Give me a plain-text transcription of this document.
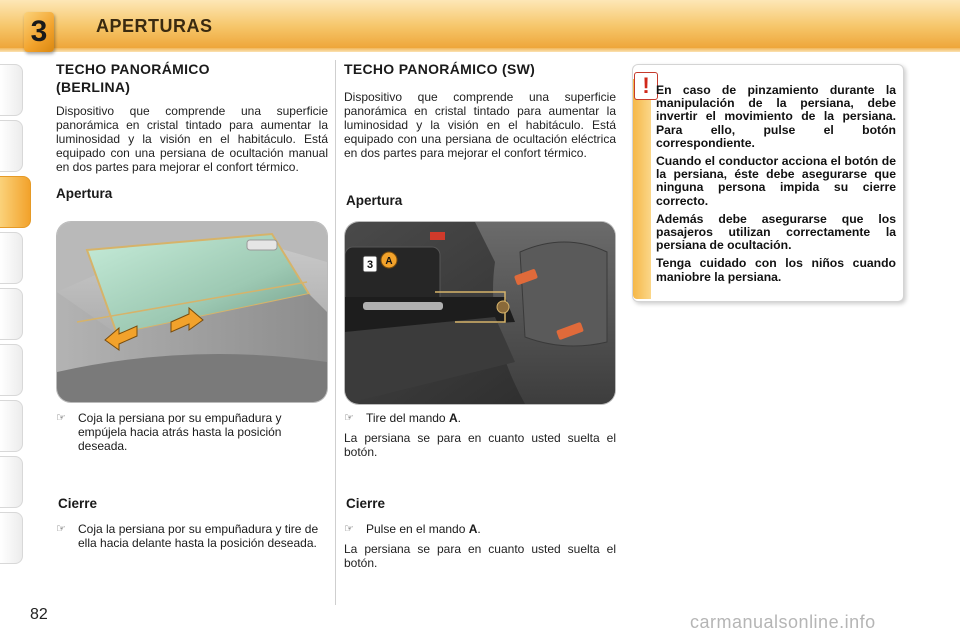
3	APERTURAS
TECHO PANORÁMICO
(BERLINA)

Dispositivo que comprende una superficie panorámica en cristal tintado para aumentar la luminosidad y la visión en el habitáculo. Está equipado con una persiana de ocultación manual en dos partes para mejorar el confort térmico.

Apertura
☞	Coja la persiana por su empuñadura y empújela hacia atrás hasta la posición deseada.
Cierre
☞	Coja la persiana por su empuñadura y tire de ella hacia delante hasta la posición deseada.
TECHO PANORÁMICO (SW)

Dispositivo que comprende una superficie panorámica en cristal tintado para aumentar la luminosidad y la visión en el habitáculo. Está equipado con una persiana de ocultación eléctrica en dos partes para mejorar el confort térmico.

Apertura
3 A
☞	Tire del mando A.

La persiana se para en cuanto usted suelta el botón.

Cierre
☞	Pulse en el mando A.

La persiana se para en cuanto usted suelta el botón.

! En caso de pinzamiento durante la manipulación de la persiana, debe invertir el movimiento de la persiana. Para ello, pulse el botón correspondiente.

Cuando el conductor acciona el botón de la persiana, éste debe asegurarse que ninguna persona impida su cierre correcto.

Además debe asegurarse que los pasajeros utilizan correctamente la persiana de ocultación.

Tenga cuidado con los niños cuando maniobre la persiana.

82	carmanualsonline.info
